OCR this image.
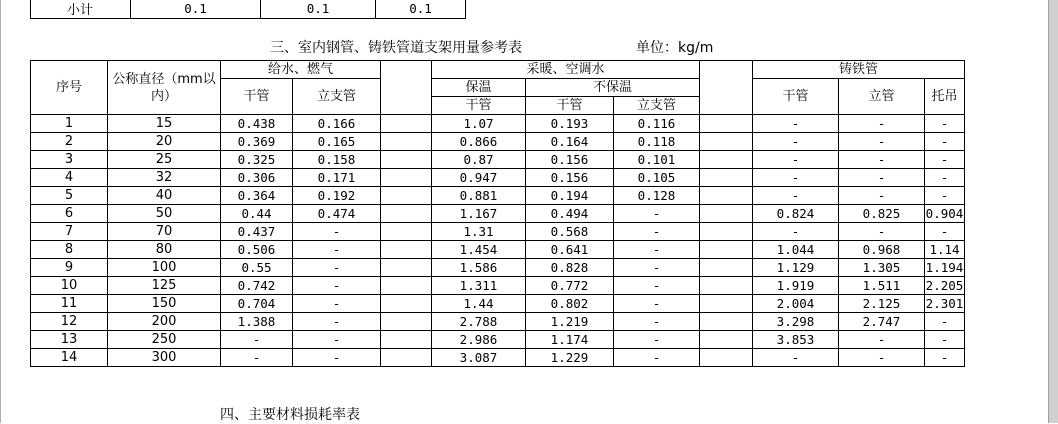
小计	0.1	0.1	0.1
三、室内钢管、铸铁管道支架用量参考表	单位：kg/m
序号	公称直径（mm以内）	给水、燃气			采暖、空调水				铸铁管		
		干管	立支管		保温	不保温			干管	立管	托吊
					干管	干管	立支管				
1	15	0.438	0.166		1.07	0.193	0.116		-	-	-
2	20	0.369	0.165		0.866	0.164	0.118		-	-	-
3	25	0.325	0.158		0.87	0.156	0.101		-	-	-
4	32	0.306	0.171		0.947	0.156	0.105		-	-	-
5	40	0.364	0.192		0.881	0.194	0.128		-	-	-
6	50	0.44	0.474		1.167	0.494	-		0.824	0.825	0.904
7	70	0.437	-		1.31	0.568	-		-	-	-
8	80	0.506	-		1.454	0.641	-		1.044	0.968	1.14
9	100	0.55	-		1.586	0.828	-		1.129	1.305	1.194
10	125	0.742	-		1.311	0.772	-		1.919	1.511	2.205
11	150	0.704	-		1.44	0.802	-		2.004	2.125	2.301
12	200	1.388	-		2.788	1.219	-		3.298	2.747	-
13	250	-	-		2.986	1.174	-		3.853	-	-
14	300	-	-		3.087	1.229	-		-	-	-
四、主要材料损耗率表
